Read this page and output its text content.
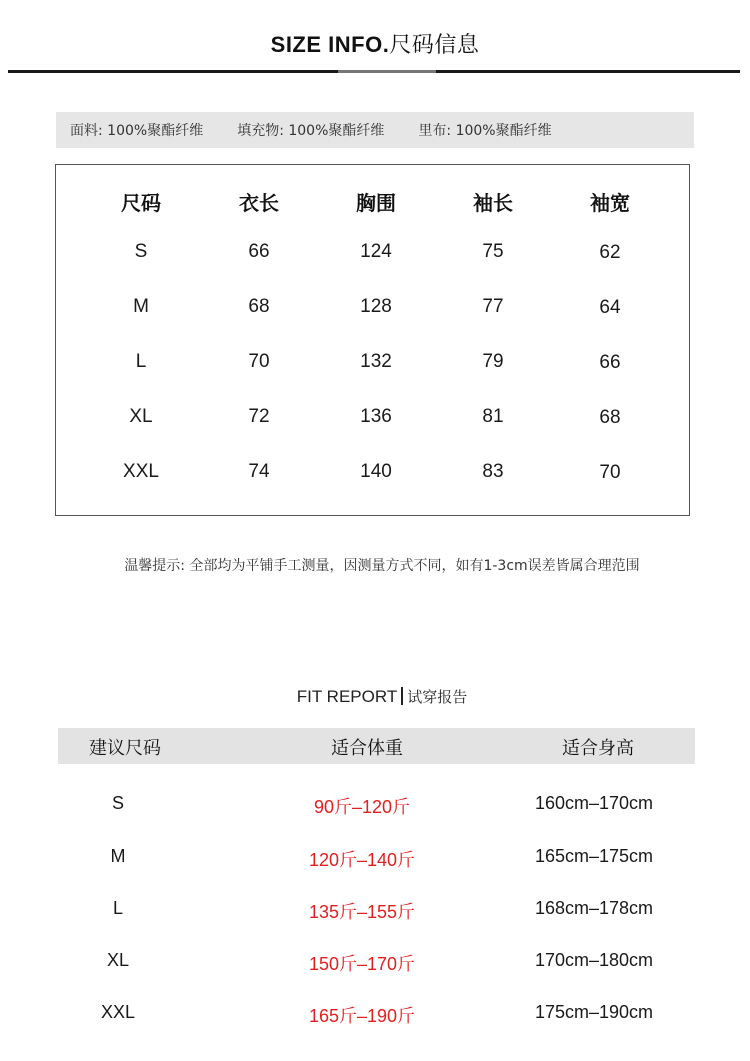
SIZE INFO.尺码信息
面料: 100%聚酯纤维 填充物: 100%聚酯纤维 里布: 100%聚酯纤维
尺码	衣长	胸围	袖长	袖宽
S	66	124	75	62
M	68	128	77	64
L	70	132	79	66
XL	72	136	81	68
XXL	74	140	83	70
温馨提示: 全部均为平铺手工测量，因测量方式不同，如有1-3cm误差皆属合理范围
FIT REPORT 试穿报告
建议尺码	适合体重	适合身高
S	90斤–120斤	160cm–170cm
M	120斤–140斤	165cm–175cm
L	135斤–155斤	168cm–178cm
XL	150斤–170斤	170cm–180cm
XXL	165斤–190斤	175cm–190cm
